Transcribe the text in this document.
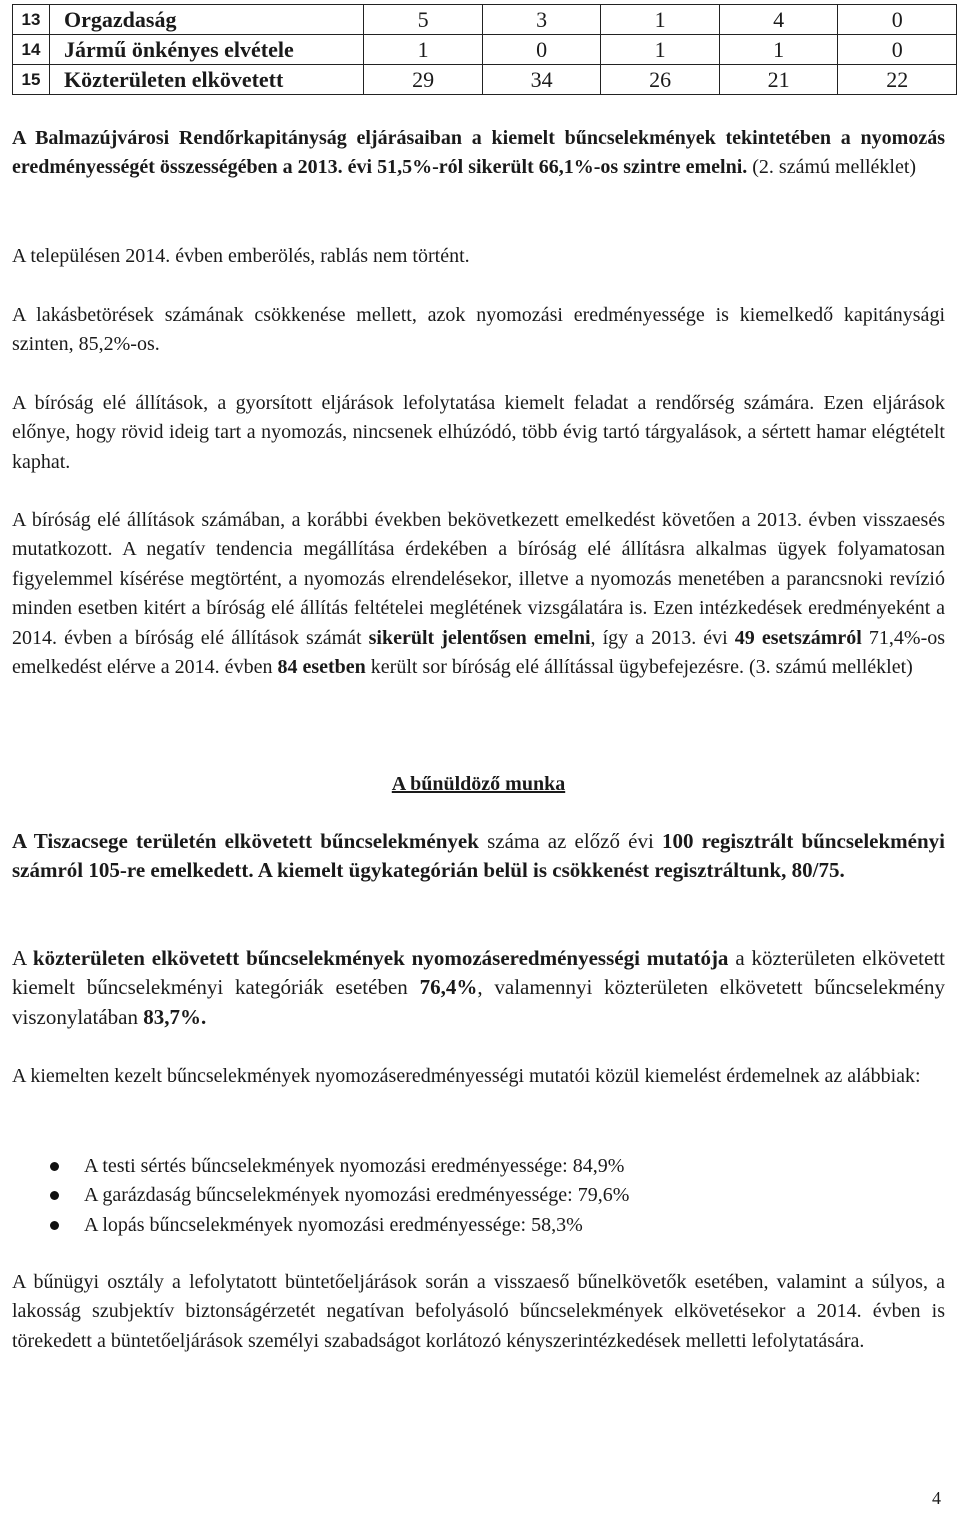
13	Orgazdaság	5	3	1	4	0
14	Jármű önkényes elvétele	1	0	1	1	0
15	Közterületen elkövetett	29	34	26	21	22

A Balmazújvárosi Rendőrkapitányság eljárásaiban a kiemelt bűncselekmények tekintetében a nyomozás eredményességét összességében a 2013. évi 51,5%-ról sikerült 66,1%-os szintre emelni. (2. számú melléklet)

A településen 2014. évben emberölés, rablás nem történt.

A lakásbetörések számának csökkenése mellett, azok nyomozási eredményessége is kiemelkedő kapitánysági szinten, 85,2%-os.

A bíróság elé állítások, a gyorsított eljárások lefolytatása kiemelt feladat a rendőrség számára. Ezen eljárások előnye, hogy rövid ideig tart a nyomozás, nincsenek elhúzódó, több évig tartó tárgyalások, a sértett hamar elégtételt kaphat.

A bíróság elé állítások számában, a korábbi években bekövetkezett emelkedést követően a 2013. évben visszaesés mutatkozott. A negatív tendencia megállítása érdekében a bíróság elé állításra alkalmas ügyek folyamatosan figyelemmel kísérése megtörtént, a nyomozás elrendelésekor, illetve a nyomozás menetében a parancsnoki revízió minden esetben kitért a bíróság elé állítás feltételei meglétének vizsgálatára is. Ezen intézkedések eredményeként a 2014. évben a bíróság elé állítások számát sikerült jelentősen emelni, így a 2013. évi 49 esetszámról 71,4%-os emelkedést elérve a 2014. évben 84 esetben került sor bíróság elé állítással ügybefejezésre. (3. számú melléklet)

A bűnüldöző munka

A Tiszacsege területén elkövetett bűncselekmények száma az előző évi 100 regisztrált bűncselekményi számról 105-re emelkedett. A kiemelt ügykategórián belül is csökkenést regisztráltunk, 80/75.

A közterületen elkövetett bűncselekmények nyomozáseredményességi mutatója a közterületen elkövetett kiemelt bűncselekményi kategóriák esetében 76,4%, valamennyi közterületen elkövetett bűncselekmény viszonylatában 83,7%.

A kiemelten kezelt bűncselekmények nyomozáseredményességi mutatói közül kiemelést érdemelnek az alábbiak:

A testi sértés bűncselekmények nyomozási eredményessége: 84,9%
A garázdaság bűncselekmények nyomozási eredményessége: 79,6%
A lopás bűncselekmények nyomozási eredményessége: 58,3%

A bűnügyi osztály a lefolytatott büntetőeljárások során a visszaeső bűnelkövetők esetében, valamint a súlyos, a lakosság szubjektív biztonságérzetét negatívan befolyásoló bűncselekmények elkövetésekor a 2014. évben is törekedett a büntetőeljárások személyi szabadságot korlátozó kényszerintézkedések melletti lefolytatására.

4
